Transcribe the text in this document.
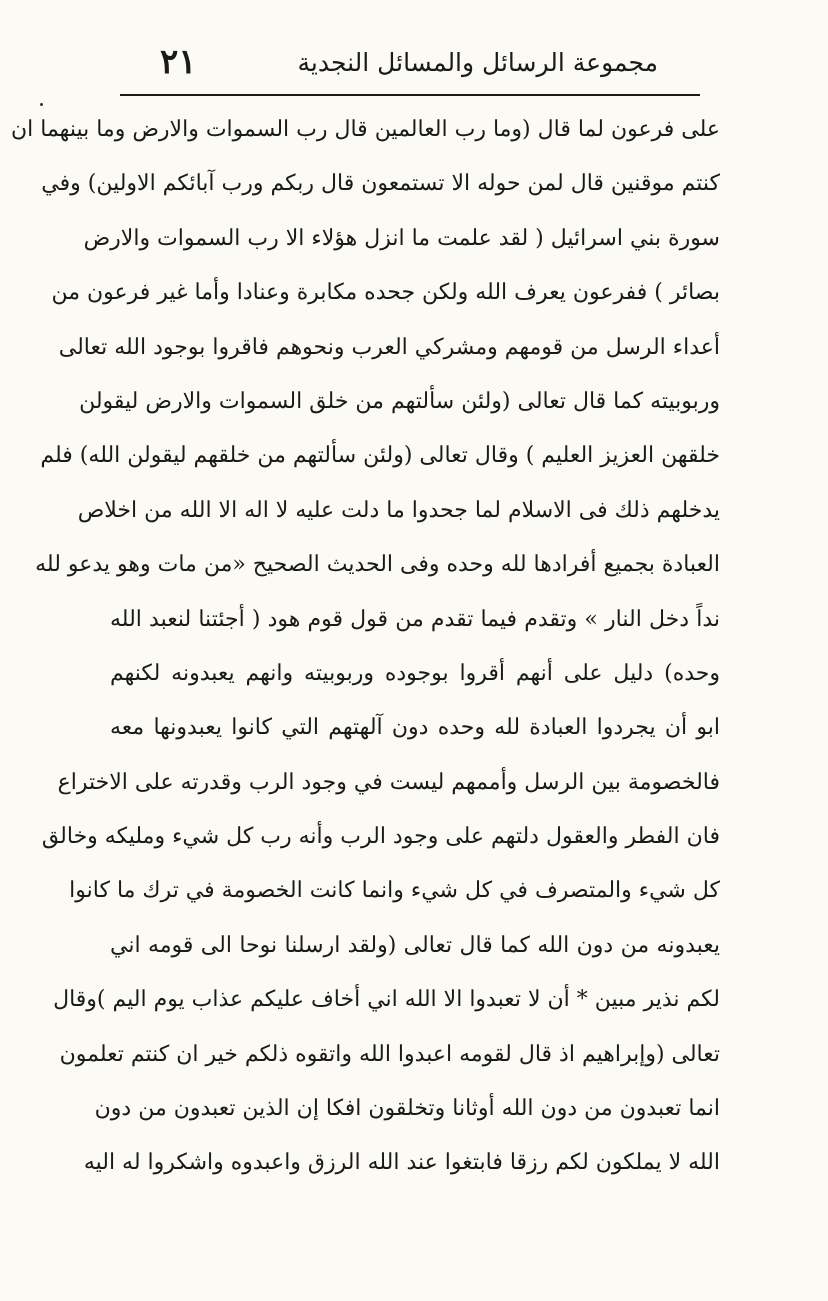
مجموعة الرسائل والمسائل النجدية
٢١
على فرعون لما قال (وما رب العالمين قال رب السموات والارض وما بينهما ان
كنتم موقنين قال لمن حوله الا تستمعون قال ربكم ورب آبائكم الاولين) وفي
سورة بني اسرائيل ( لقد علمت ما انزل هؤلاء الا رب السموات والارض
بصائر ) ففرعون يعرف الله ولكن جحده مكابرة وعنادا وأما غير فرعون من
أعداء الرسل من قومهم ومشركي العرب ونحوهم فاقروا بوجود الله تعالى
وربوبيته كما قال تعالى (ولئن سألتهم من خلق السموات والارض ليقولن
خلقهن العزيز العليم ) وقال تعالى (ولئن سألتهم من خلقهم ليقولن الله) فلم
يدخلهم ذلك فى الاسلام لما جحدوا ما دلت عليه لا اله الا الله من اخلاص
العبادة بجميع أفرادها لله وحده وفى الحديث الصحيح «من مات وهو يدعو لله
نداً دخل النار » وتقدم فيما تقدم من قول قوم هود ( أجئتنا لنعبد الله
وحده) دليل على أنهم أقروا بوجوده وربوبيته وانهم يعبدونه لكنهم
ابو أن يجردوا العبادة لله وحده دون آلهتهم التي كانوا يعبدونها معه
فالخصومة بين الرسل وأممهم ليست في وجود الرب وقدرته على الاختراع
فان الفطر والعقول دلتهم على وجود الرب وأنه رب كل شيء ومليكه وخالق
كل شيء والمتصرف في كل شيء وانما كانت الخصومة في ترك ما كانوا
يعبدونه من دون الله كما قال تعالى (ولقد ارسلنا نوحا الى قومه اني
لكم نذير مبين * أن لا تعبدوا الا الله اني أخاف عليكم عذاب يوم اليم )وقال
تعالى (وإبراهيم اذ قال لقومه اعبدوا الله واتقوه ذلكم خير ان كنتم تعلمون
انما تعبدون من دون الله أوثانا وتخلقون افكا إن الذين تعبدون من دون
الله لا يملكون لكم رزقا فابتغوا عند الله الرزق واعبدوه واشكروا له اليه
